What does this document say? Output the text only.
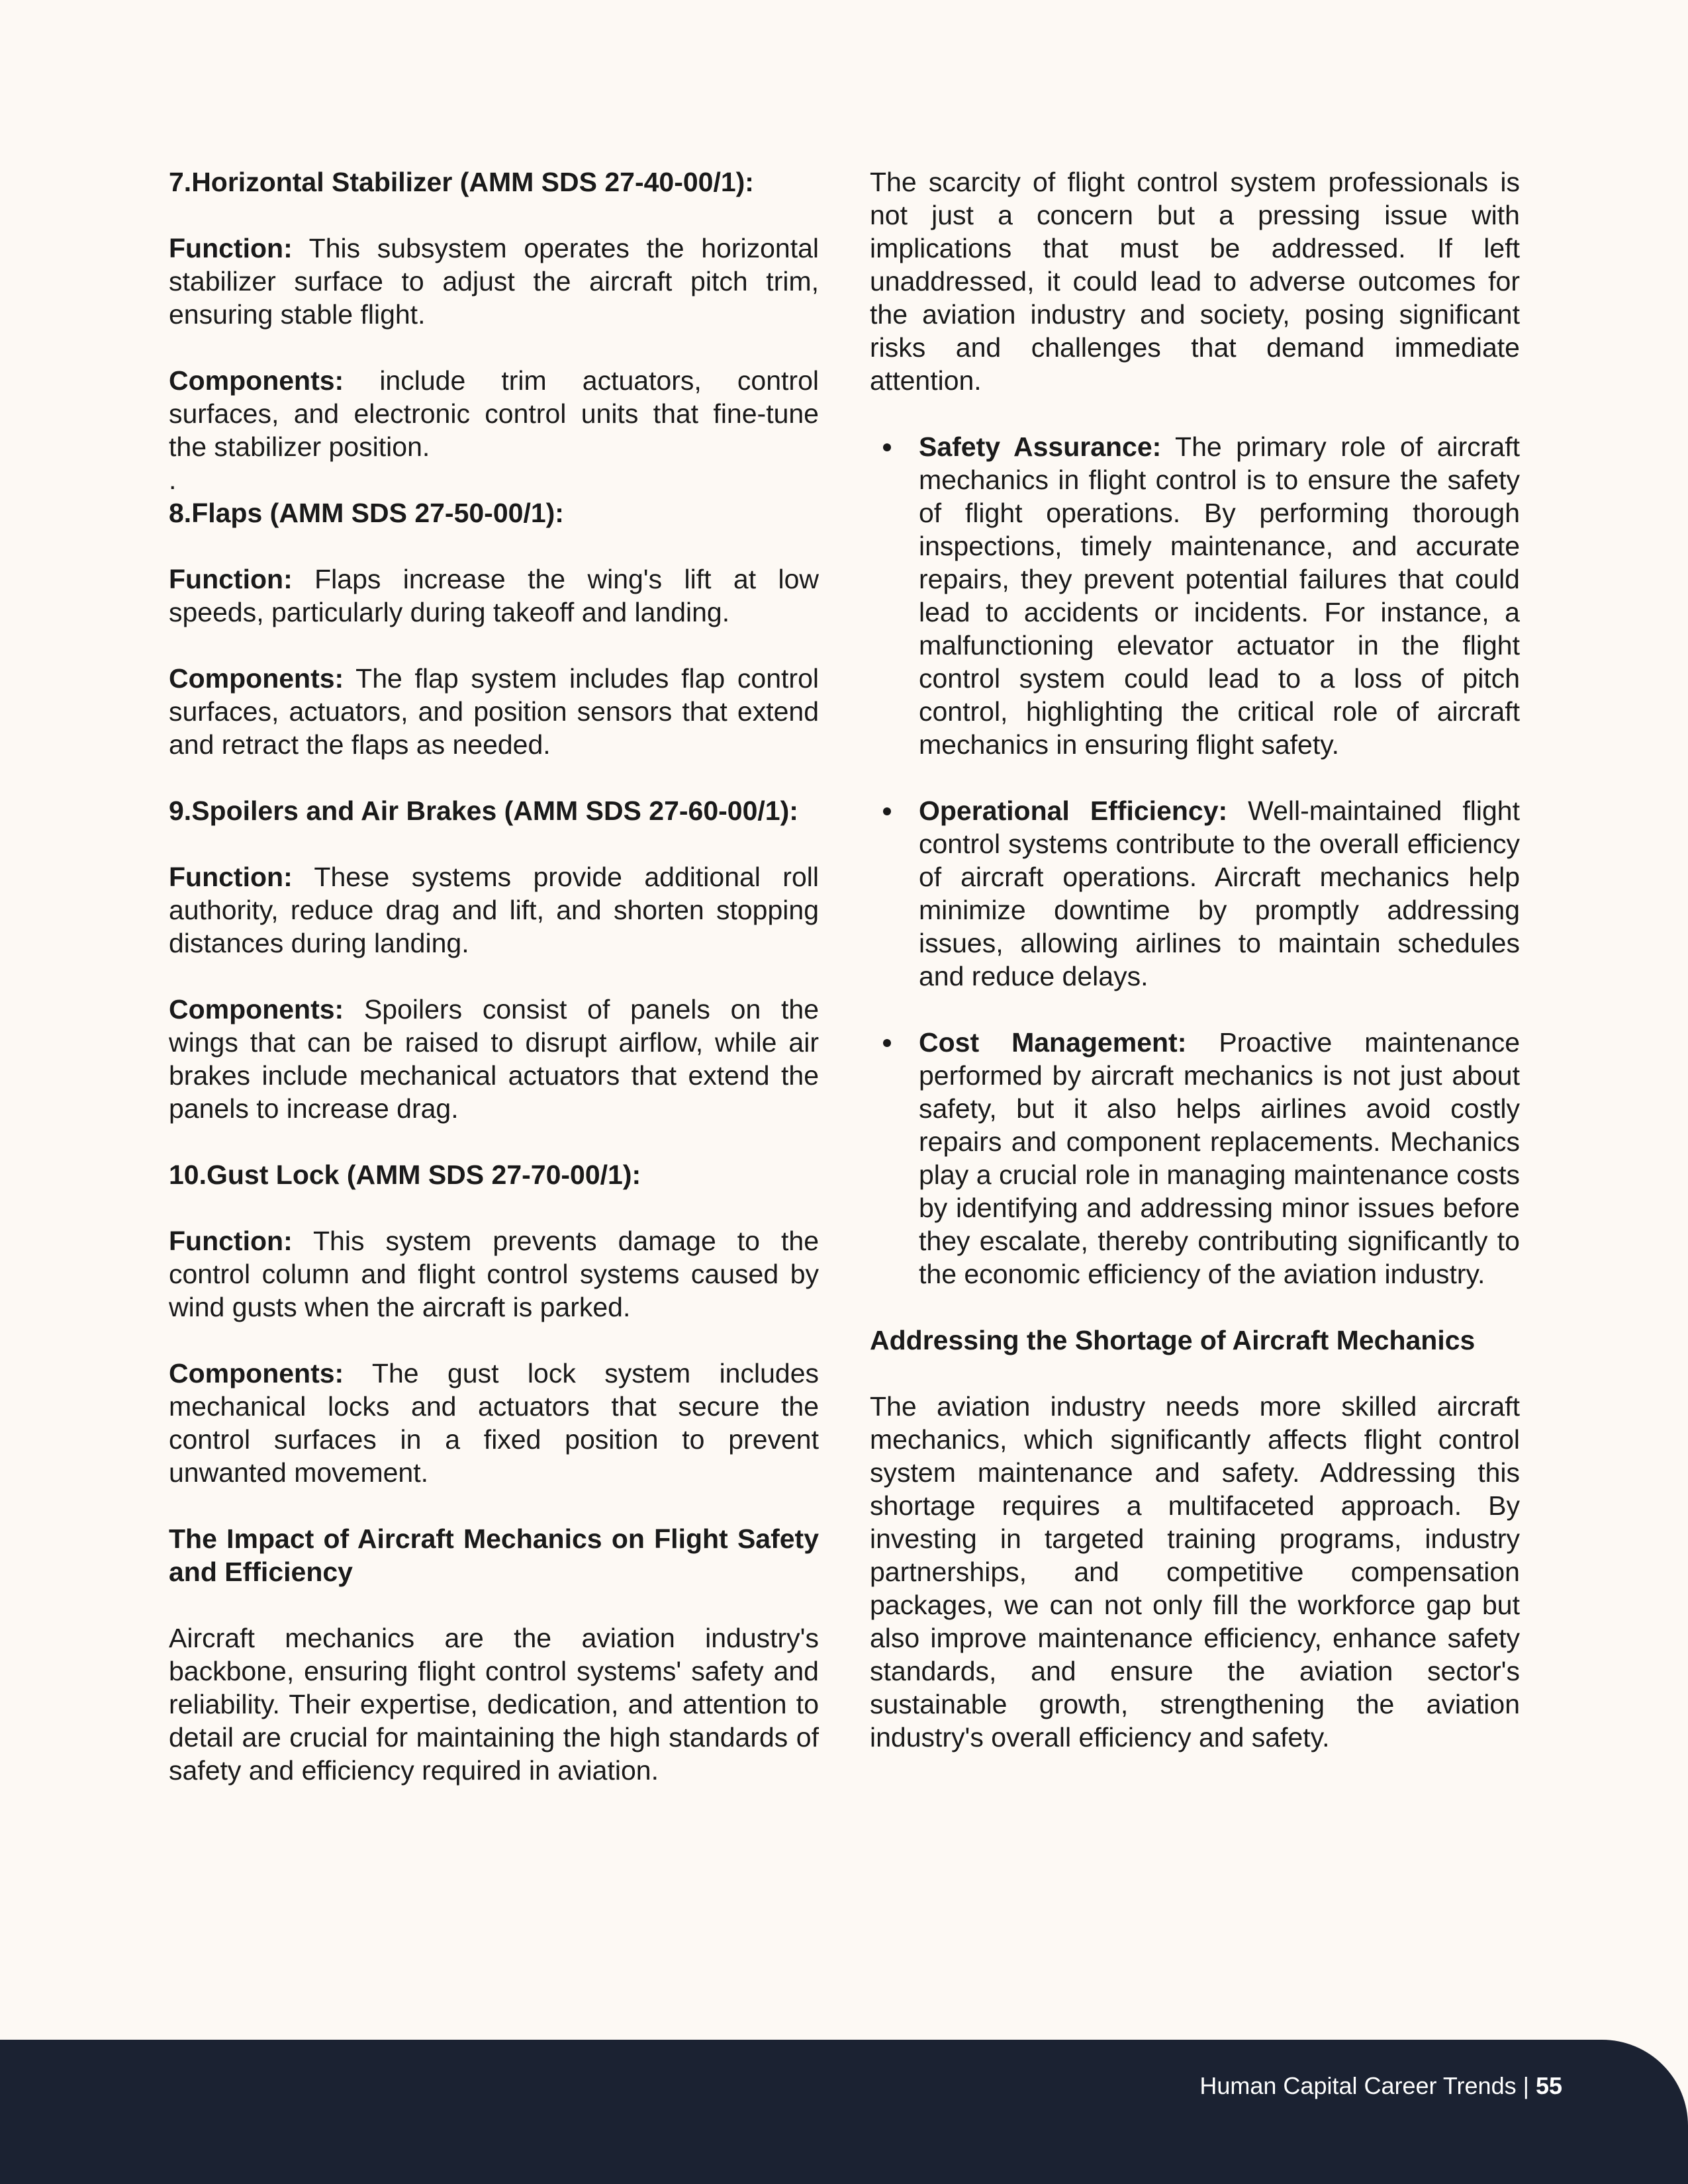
7.Horizontal Stabilizer (AMM SDS 27-40-00/1):

Function: This subsystem operates the horizontal stabilizer surface to adjust the aircraft pitch trim, ensuring stable flight.

Components: include trim actuators, control surfaces, and electronic control units that fine-tune the stabilizer position.

.
8.Flaps (AMM SDS 27-50-00/1):

Function: Flaps increase the wing's lift at low speeds, particularly during takeoff and landing.

Components: The flap system includes flap control surfaces, actuators, and position sensors that extend and retract the flaps as needed.

9.Spoilers and Air Brakes (AMM SDS 27-60-00/1):

Function: These systems provide additional roll authority, reduce drag and lift, and shorten stopping distances during landing.

Components: Spoilers consist of panels on the wings that can be raised to disrupt airflow, while air brakes include mechanical actuators that extend the panels to increase drag.

10.Gust Lock (AMM SDS 27-70-00/1):

Function: This system prevents damage to the control column and flight control systems caused by wind gusts when the aircraft is parked.

Components: The gust lock system includes mechanical locks and actuators that secure the control surfaces in a fixed position to prevent unwanted movement.

The Impact of Aircraft Mechanics on Flight Safety and Efficiency

Aircraft mechanics are the aviation industry's backbone, ensuring flight control systems' safety and reliability. Their expertise, dedication, and attention to detail are crucial for maintaining the high standards of safety and efficiency required in aviation.

The scarcity of flight control system professionals is not just a concern but a pressing issue with implications that must be addressed. If left unaddressed, it could lead to adverse outcomes for the aviation industry and society, posing significant risks and challenges that demand immediate attention.

Safety Assurance: The primary role of aircraft mechanics in flight control is to ensure the safety of flight operations. By performing thorough inspections, timely maintenance, and accurate repairs, they prevent potential failures that could lead to accidents or incidents. For instance, a malfunctioning elevator actuator in the flight control system could lead to a loss of pitch control, highlighting the critical role of aircraft mechanics in ensuring flight safety.
Operational Efficiency: Well-maintained flight control systems contribute to the overall efficiency of aircraft operations. Aircraft mechanics help minimize downtime by promptly addressing issues, allowing airlines to maintain schedules and reduce delays.
Cost Management: Proactive maintenance performed by aircraft mechanics is not just about safety, but it also helps airlines avoid costly repairs and component replacements. Mechanics play a crucial role in managing maintenance costs by identifying and addressing minor issues before they escalate, thereby contributing significantly to the economic efficiency of the aviation industry.
Addressing the Shortage of Aircraft Mechanics

The aviation industry needs more skilled aircraft mechanics, which significantly affects flight control system maintenance and safety. Addressing this shortage requires a multifaceted approach. By investing in targeted training programs, industry partnerships, and competitive compensation packages, we can not only fill the workforce gap but also improve maintenance efficiency, enhance safety standards, and ensure the aviation sector's sustainable growth, strengthening the aviation industry's overall efficiency and safety.

Human Capital Career Trends | 55
